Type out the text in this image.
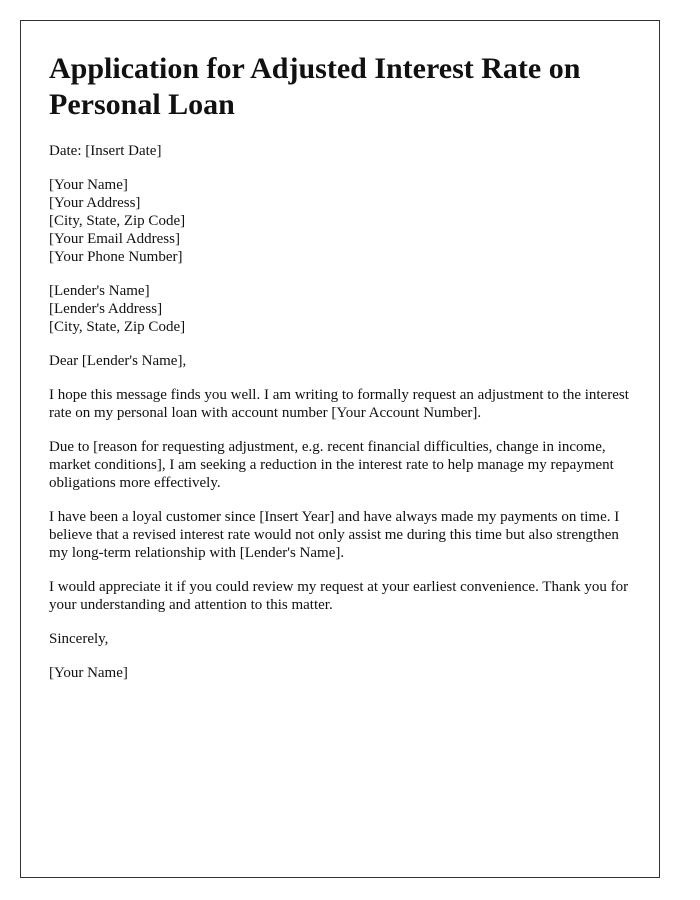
Application for Adjusted Interest Rate on Personal Loan

Date: [Insert Date]

[Your Name]

[Your Address]

[City, State, Zip Code]

[Your Email Address]

[Your Phone Number]

[Lender's Name]

[Lender's Address]

[City, State, Zip Code]

Dear [Lender's Name],

I hope this message finds you well. I am writing to formally request an adjustment to the interest rate on my personal loan with account number [Your Account Number].

Due to [reason for requesting adjustment, e.g. recent financial difficulties, change in income, market conditions], I am seeking a reduction in the interest rate to help manage my repayment obligations more effectively.

I have been a loyal customer since [Insert Year] and have always made my payments on time. I believe that a revised interest rate would not only assist me during this time but also strengthen my long-term relationship with [Lender's Name].

I would appreciate it if you could review my request at your earliest convenience. Thank you for your understanding and attention to this matter.

Sincerely,

[Your Name]
